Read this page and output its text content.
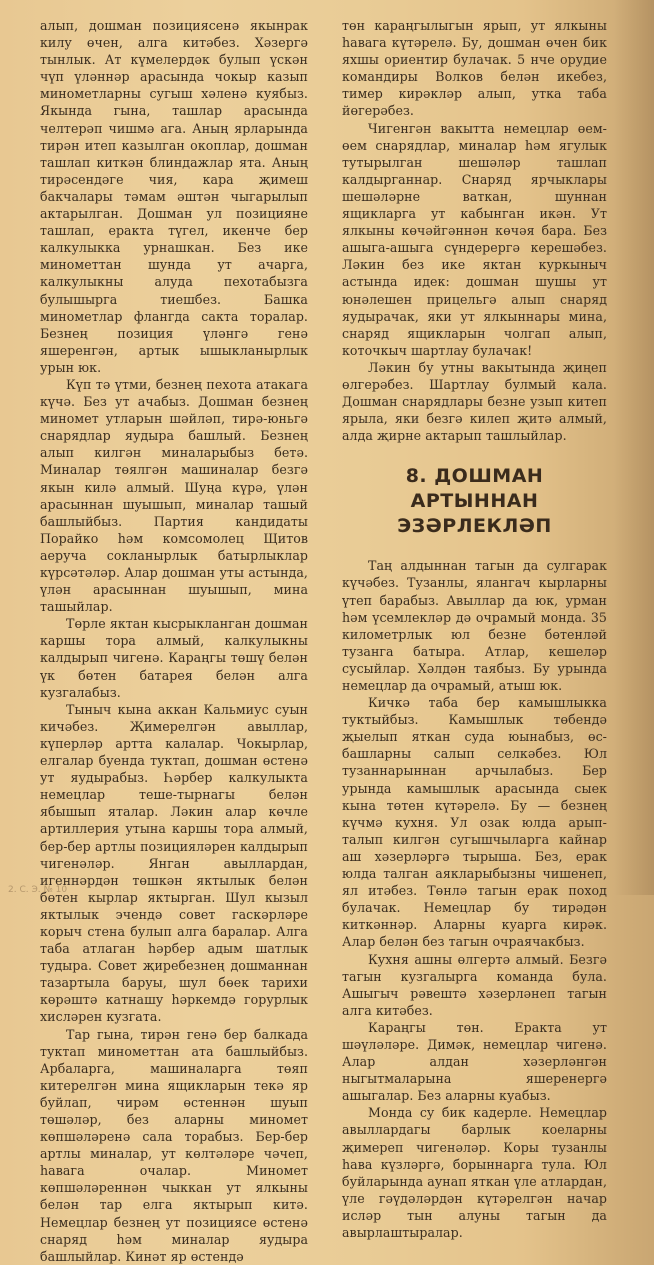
алып, дошман позициясенә якынрак килу өчен, алга китәбез. Хәзергә тынлык. Ат күмелердәк булып үскән чүп үләннәр арасында чокыр казып минометларны сугыш хәленә куябыз. Якында гына, ташлар арасында челтерәп чишмә ага. Аның ярларында тирән итеп казылган окоплар, дошман ташлап киткән блиндажлар ята. Аның тирәсендәге чия, кара җимеш бакчалары тәмам әштән чыгарылып актарылган. Дошман ул позицияне ташлап, еракта түгел, икенче бер калкулыкка урнашкан. Без ике минометтан шунда ут ачарга, калкулыкны алуда пехотабызга булышырга тиешбез. Башка минометлар флангда сакта торалар. Безнең позиция үләнгә генә яшеренгән, артык ышыкланырлык урын юк.

Күп тә үтми, безнең пехота атакага күчә. Без ут ачабыз. Дошман безнең миномет утларын шәйләп, тирә-юньгә снарядлар яудыра башлый. Безнең алып килгән миналарыбыз бетә. Миналар төялгән машиналар безгә якын килә алмый. Шуңа күрә, үлән арасыннан шуышып, миналар ташый башлыйбыз. Партия кандидаты Порайко һәм комсомолец Щитов аеруча сокланырлык батырлыклар күрсәтәләр. Алар дошман уты астында, үлән арасыннан шуышып, мина ташыйлар.

Төрле яктан кысрыклангaн дошман каршы тора алмый, калкулыкны калдырып чигенә. Караңгы төшү белән үк бөтен батарея белән алга кузгалабыз.

Тыныч кына аккан Кальмиус суын кичәбез. Җимерелгән авыллар, күперләр артта калалар. Чокырлар, елгалар буенда туктап, дошман өстенә ут яудырабыз. Һәрбер калкулыкта немецлар теше-тырнагы белән ябышып яталар. Ләкин алар көчле артиллерия утына каршы тора алмый, бер-бер артлы позицияләрен калдырып чигенәләр. Янган авыллардан, игеннәрдән төшкән яктылык белән бөтен кырлар яктырган. Шул кызыл яктылык эчендә совет гаскәрләре корыч стена булып алга баралар. Алга таба атлаган һәрбер адым шатлык тудыра. Совет җиребезнең дошманнан тазартыла баруы, шул бөек тарихи көрәштә катнашу һәркемдә горурлык хисләрен кузгата.

Тар гына, тирән генә бер балкада туктап минометтан ата башлыйбыз. Арбаларга, машиналарга төяп китерелгән мина ящикларын текә яр буйлап, чирәм өстеннән шуып төшәләр, без аларны миномет көпшәләренә сала торабыз. Бер-бер артлы миналар, ут көлтәләре чәчеп, һавага очалар. Миномет көпшәләреннән чыккан ут ялкыны белән тар елга яктырып китә. Немецлар безнең ут позициясе өстенә снаряд һәм миналар яудыра башлыйлар. Кинәт яр өстендә

төн караңгылыгын ярып, ут ялкыны һавага күтәрелә. Бу, дошман өчен бик яхшы ориентир булачак. 5 нче орудие командиры Волков белән икебез, тимер кирәкләр алып, утка таба йөгерәбез.

Чигенгән вакытта немецлар өем-өем снарядлар, миналар һәм ягулык тутырылган шешәләр ташлап калдырганнар. Снаряд ярчыклары шешәләрне ваткан, шуннан ящикларга ут кабынган икән. Ут ялкыны көчәйгәннән көчәя бара. Без ашыга-ашыга сүндерергә керешәбез. Ләкин без ике яктан куркыныч астында идек: дошман шушы ут юнәлешен прицельгә алып снаряд яудырачак, яки ут ялкыннары мина, снаряд ящикларын чолгап алып, коточкыч шартлау булачак!

Ләкин бу утны вакытында җиңеп өлгерәбез. Шартлау булмый кала. Дошман снарядлары безне узып китеп ярыла, яки безгә килеп җитә алмый, алда җирне актарып ташлыйлар.

8. ДОШМАН АРТЫННАН
ЭЗӘРЛЕКЛӘП

Таң алдыннан тагын да сулгарак күчәбез. Тузанлы, ялангач кырларны үтеп барабыз. Авыллар да юк, урман һәм үсемлекләр дә очрамый монда. 35 километрлык юл безне бөтенләй тузанга батыра. Атлар, кешеләр сусыйлар. Хәлдән таябыз. Бу урында немецлар да очрамый, атыш юк.

Кичкә таба бер камышлыкка туктыйбыз. Камышлык төбендә җыелып яткан суда юынабыз, өс-башларны салып селкәбез. Юл тузаннарыннан арчылабыз. Бер урында камышлык арасында сыек кына төтен күтәрелә. Бу — безнең күчмә кухня. Ул озак юлда арып-талып килгән сугышчыларга кайнар аш хәзерләргә тырыша. Без, ерак юлда талган аякларыбызны чишенеп, ял итәбез. Төнлә тагын ерак поход булачак. Немецлар бу тирәдән киткәннәр. Аларны куарга кирәк. Алар белән без тагын очраячакбыз.

Кухня ашны өлгертә алмый. Безгә тагын кузгалырга команда була. Ашыгыч рәвештә хәзерләнеп тагын алга китәбез.

Караңгы төн. Еракта ут шәүләләре. Димәк, немецлар чигенә. Алар алдан хәзерләнгән ныгытмаларына яшеренергә ашыгалар. Без аларны куабыз.

Монда су бик кадерле. Немецлар авыллардагы барлык коеларны җимереп чигенәләр. Коры тузанлы һава күзләргә, борыннарга тула. Юл буйларында аунап яткан үле атлардан, үле гәүдәләрдән күтәрелгән начар исләр тын алуны тагын да авырлаштыралар.

2. С. Э. № 10
